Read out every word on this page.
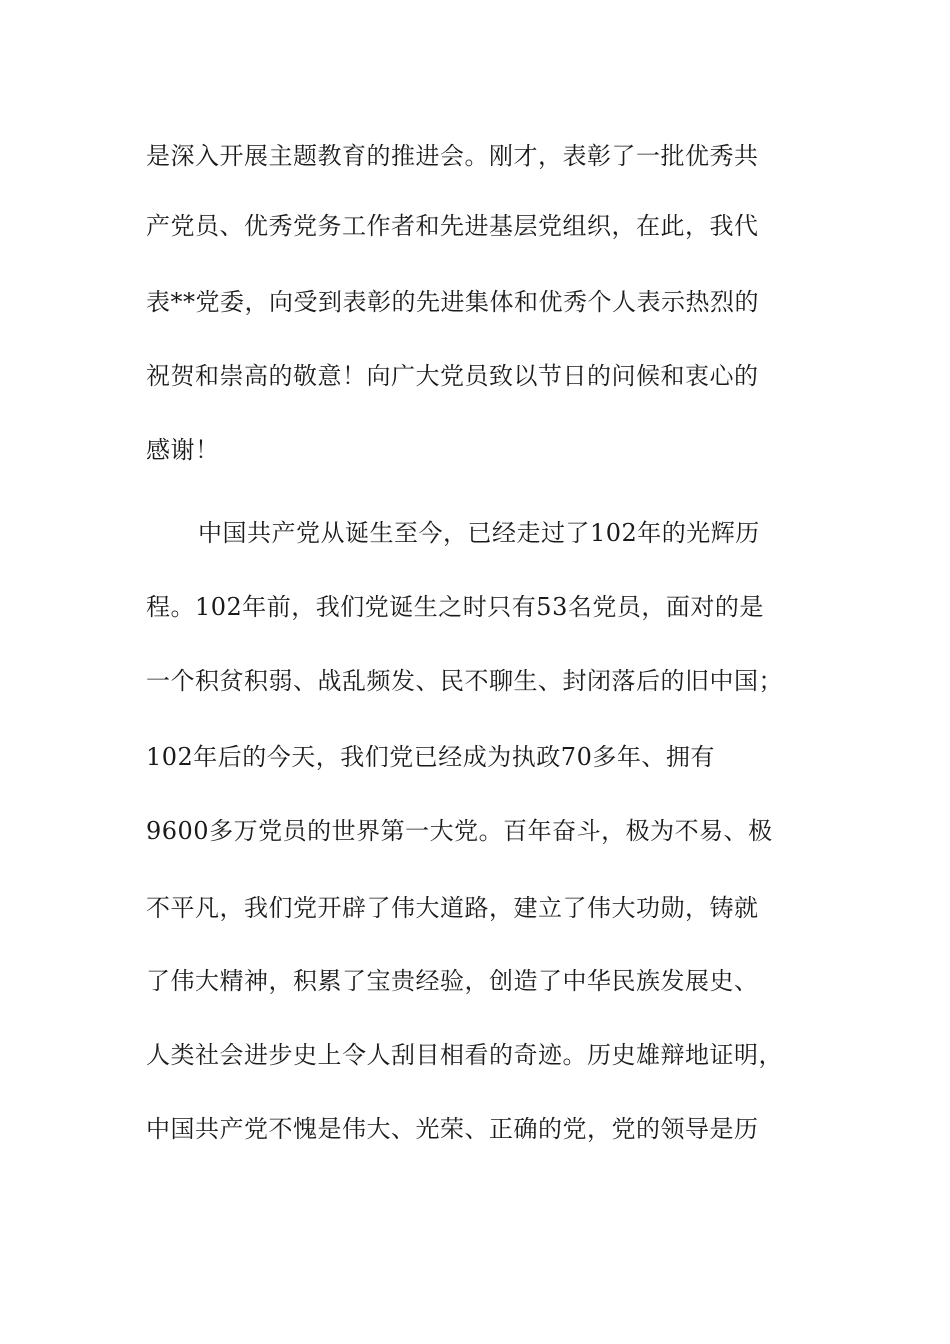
是深入开展主题教育的推进会。刚才，表彰了一批优秀共
产党员、优秀党务工作者和先进基层党组织，在此，我代
表**党委，向受到表彰的先进集体和优秀个人表示热烈的
祝贺和崇高的敬意！向广大党员致以节日的问候和衷心的
感谢！
中国共产党从诞生至今，已经走过了102年的光辉历
程。102年前，我们党诞生之时只有53名党员，面对的是
一个积贫积弱、战乱频发、民不聊生、封闭落后的旧中国；
102年后的今天，我们党已经成为执政70多年、拥有
9600多万党员的世界第一大党。百年奋斗，极为不易、极
不平凡，我们党开辟了伟大道路，建立了伟大功勋，铸就
了伟大精神，积累了宝贵经验，创造了中华民族发展史、
人类社会进步史上令人刮目相看的奇迹。历史雄辩地证明，
中国共产党不愧是伟大、光荣、正确的党，党的领导是历
